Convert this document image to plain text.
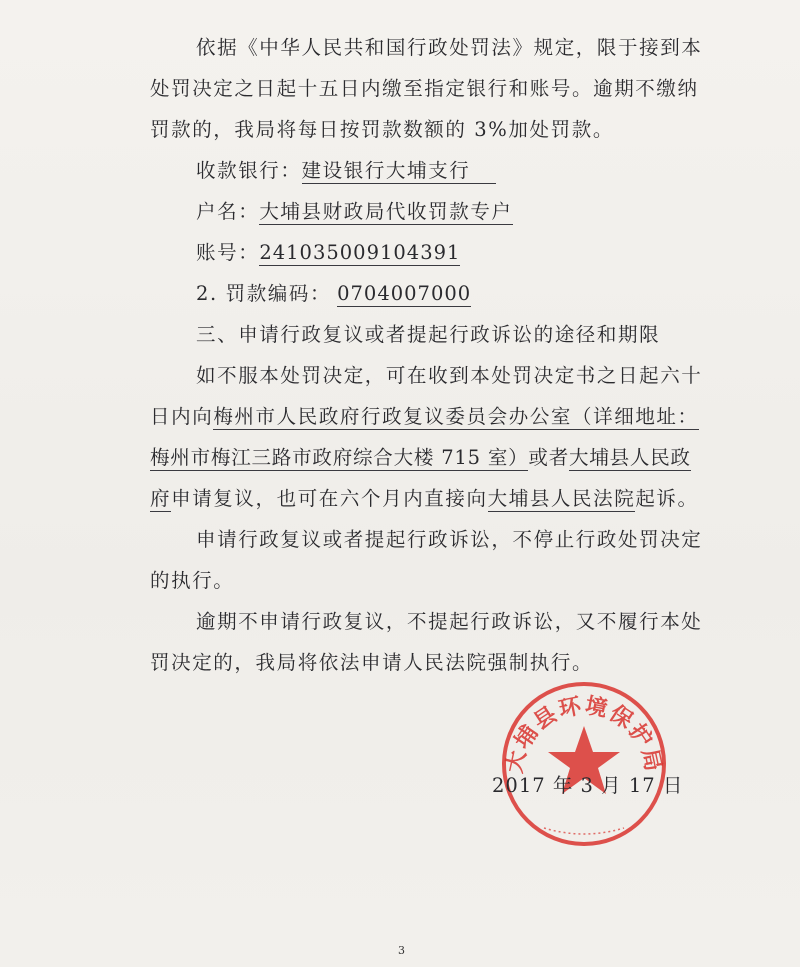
依据《中华人民共和国行政处罚法》规定，限于接到本
处罚决定之日起十五日内缴至指定银行和账号。逾期不缴纳
罚款的，我局将每日按罚款数额的 3%加处罚款。
收款银行：建设银行大埔支行
户名：大埔县财政局代收罚款专户
账号：241035009104391
2. 罚款编码： 0704007000
三、申请行政复议或者提起行政诉讼的途径和期限
如不服本处罚决定，可在收到本处罚决定书之日起六十
日内向梅州市人民政府行政复议委员会办公室（详细地址：
梅州市梅江三路市政府综合大楼 715 室）或者大埔县人民政
府申请复议，也可在六个月内直接向大埔县人民法院起诉。
申请行政复议或者提起行政诉讼，不停止行政处罚决定
的执行。
逾期不申请行政复议，不提起行政诉讼，又不履行本处
罚决定的，我局将依法申请人民法院强制执行。
大埔县环境保护局
2017 年 3 月 17 日
3
